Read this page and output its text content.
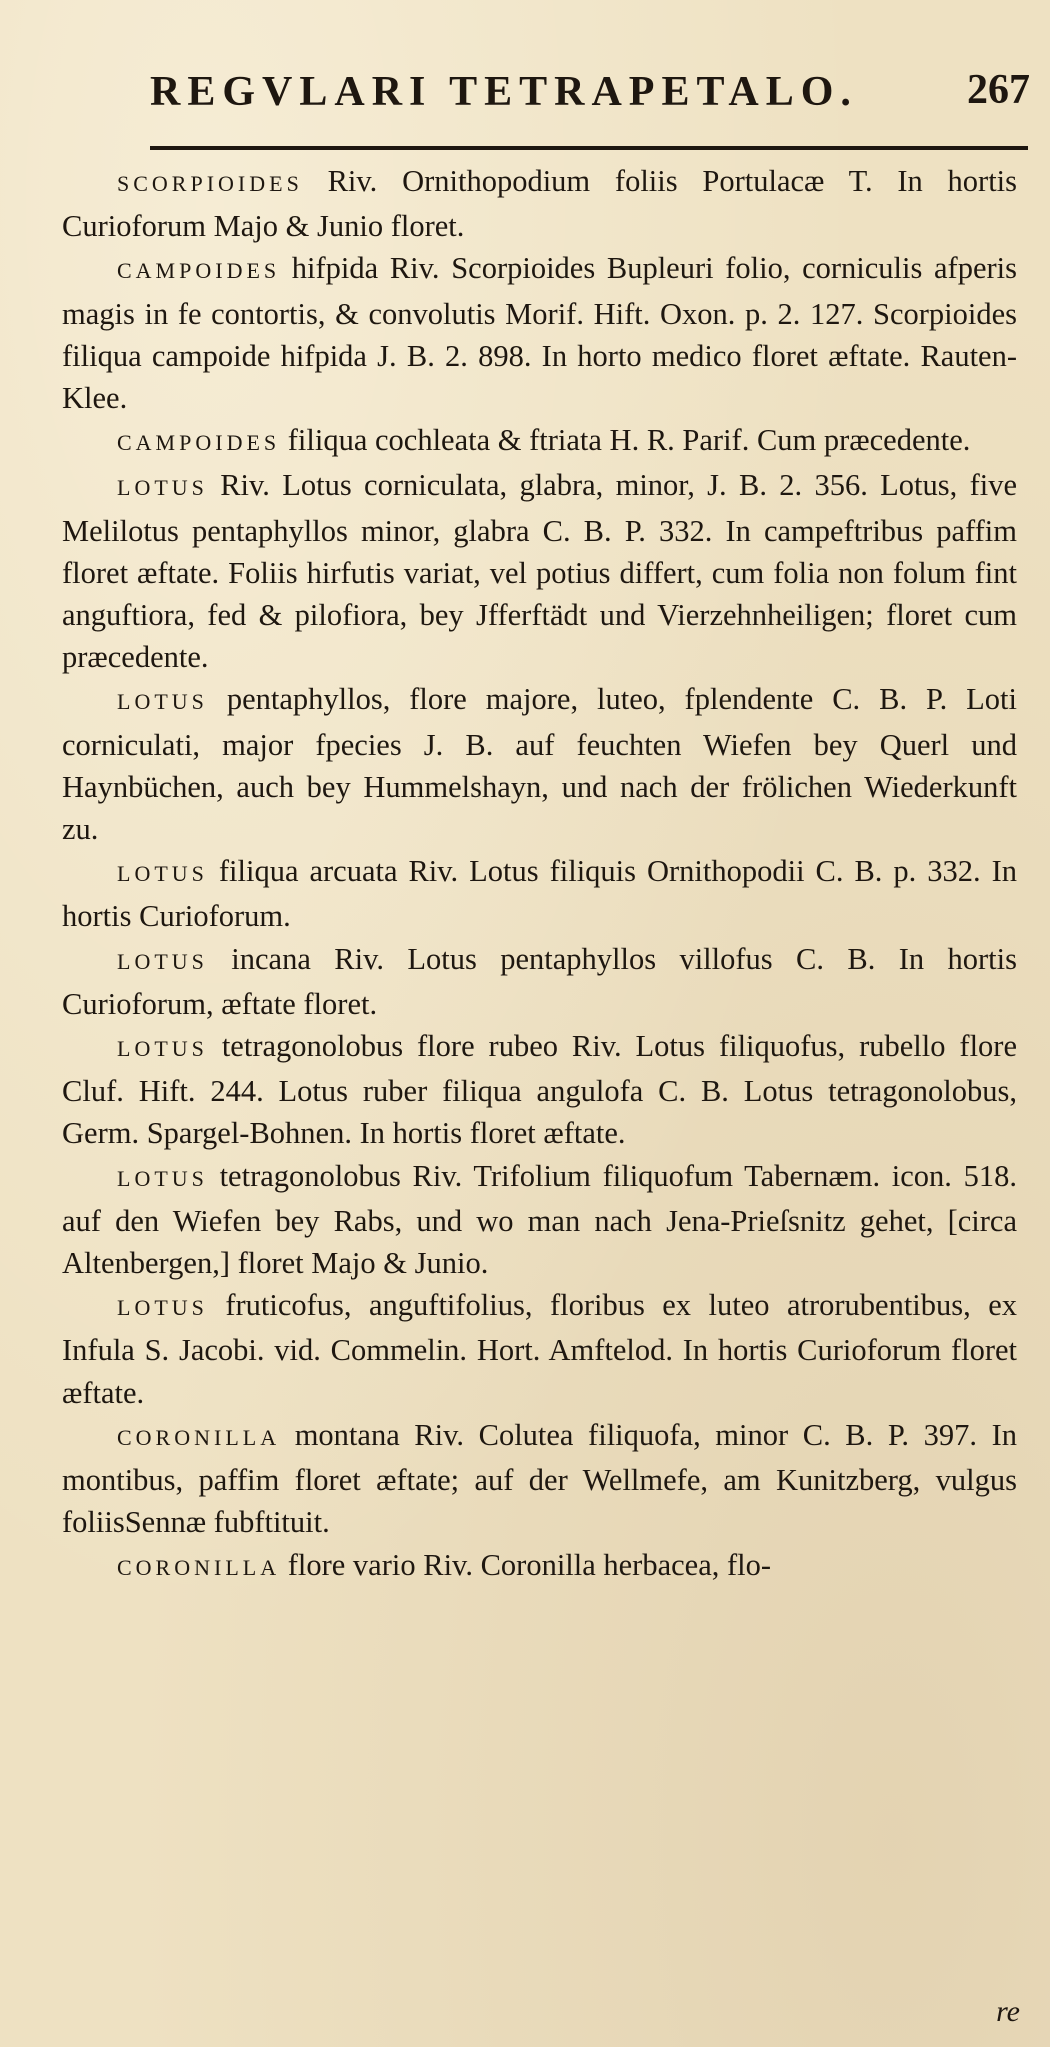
REGVLARI TETRAPETALO.	267

SCORPIOIDES Riv. Ornithopodium foliis Portulacæ T. In hortis Curioforum Majo & Junio floret.

CAMPOIDES hifpida Riv. Scorpioides Bupleuri folio, corniculis afperis magis in fe contortis, & convolutis Morif. Hift. Oxon. p. 2. 127. Scorpioides filiqua campoide hifpida J. B. 2. 898. In horto medico floret æftate. Rauten-Klee.

CAMPOIDES filiqua cochleata & ftriata H. R. Parif. Cum præcedente.

LOTUS Riv. Lotus corniculata, glabra, minor, J. B. 2. 356. Lotus, five Melilotus pentaphyllos minor, glabra C. B. P. 332. In campeftribus paffim floret æftate. Foliis hirfutis variat, vel potius differt, cum folia non folum fint anguftiora, fed & pilofiora, bey Jfferftädt und Vierzehnheiligen; floret cum præcedente.

LOTUS pentaphyllos, flore majore, luteo, fplendente C. B. P. Loti corniculati, major fpecies J. B. auf feuchten Wiefen bey Querl und Haynbüchen, auch bey Hummelshayn, und nach der frölichen Wiederkunft zu.

LOTUS filiqua arcuata Riv. Lotus filiquis Ornithopodii C. B. p. 332. In hortis Curioforum.

LOTUS incana Riv. Lotus pentaphyllos villofus C. B. In hortis Curioforum, æftate floret.

LOTUS tetragonolobus flore rubeo Riv. Lotus filiquofus, rubello flore Cluf. Hift. 244. Lotus ruber filiqua angulofa C. B. Lotus tetragonolobus, Germ. Spargel-Bohnen. In hortis floret æftate.

LOTUS tetragonolobus Riv. Trifolium filiquofum Tabernæm. icon. 518. auf den Wiefen bey Rabs, und wo man nach Jena-Prieſsnitz gehet, [circa Altenbergen,] floret Majo & Junio.

LOTUS fruticofus, anguftifolius, floribus ex luteo atrorubentibus, ex Infula S. Jacobi. vid. Commelin. Hort. Amftelod. In hortis Curioforum floret æftate.

CORONILLA montana Riv. Colutea filiquofa, minor C. B. P. 397. In montibus, paffim floret æftate; auf der Wellmefe, am Kunitzberg, vulgus foliisSennæ fubftituit.

CORONILLA flore vario Riv. Coronilla herbacea, flo-

re
